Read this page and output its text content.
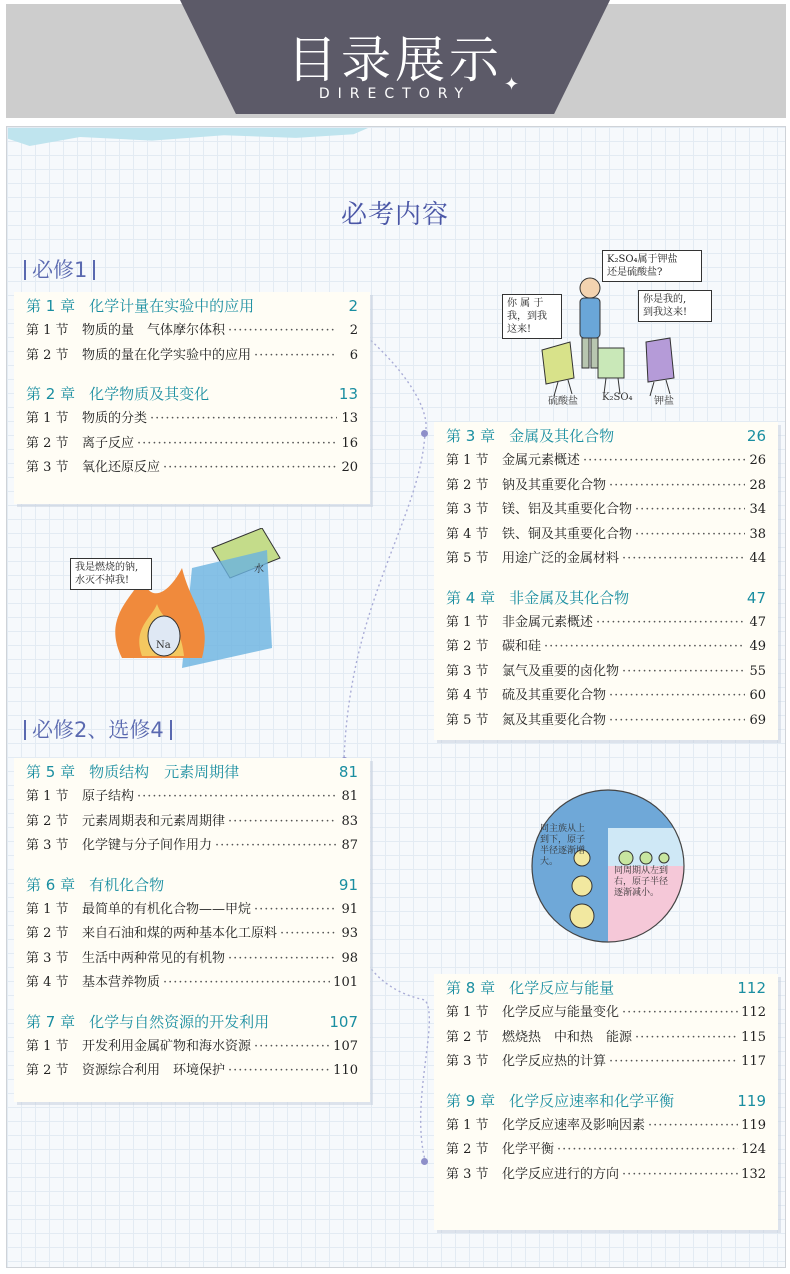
目录展示
DIRECTORY	✦
必考内容
必修1
必修2、选修4
第 1 章 化学计量在实验中的应用	2
第 1 节	物质的量　气体摩尔体积 ·····	2
第 2 节	物质的量在化学实验中的应用 ·····	6
第 2 章 化学物质及其变化	13
第 1 节	物质的分类 ·····	13
第 2 节	离子反应 ·····	16
第 3 节	氧化还原反应 ·····	20
第 3 章 金属及其化合物	26
第 1 节	金属元素概述 ·····	26
第 2 节	钠及其重要化合物 ·····	28
第 3 节	镁、铝及其重要化合物 ·····	34
第 4 节	铁、铜及其重要化合物 ·····	38
第 5 节	用途广泛的金属材料 ·····	44
第 4 章 非金属及其化合物	47
第 1 节	非金属元素概述 ·····	47
第 2 节	碳和硅 ·····	49
第 3 节	氯气及重要的卤化物 ·····	55
第 4 节	硫及其重要化合物 ·····	60
第 5 节	氮及其重要化合物 ·····	69
第 5 章 物质结构　元素周期律	81
第 1 节	原子结构 ·····	81
第 2 节	元素周期表和元素周期律 ·····	83
第 3 节	化学键与分子间作用力 ·····	87
第 6 章 有机化合物	91
第 1 节	最简单的有机化合物——甲烷 ·····	91
第 2 节	来自石油和煤的两种基本化工原料 ·····	93
第 3 节	生活中两种常见的有机物 ·····	98
第 4 节	基本营养物质 ·····	101
第 7 章 化学与自然资源的开发利用	107
第 1 节	开发利用金属矿物和海水资源 ·····	107
第 2 节	资源综合利用　环境保护 ·····	110
第 8 章 化学反应与能量	112
第 1 节	化学反应与能量变化 ·····	112
第 2 节	燃烧热　中和热　能源 ·····	115
第 3 节	化学反应热的计算 ·····	117
第 9 章 化学反应速率和化学平衡	119
第 1 节	化学反应速率及影响因素 ·····	119
第 2 节	化学平衡 ·····	124
第 3 节	化学反应进行的方向 ·····	132
K₂SO₄属于钾盐
还是硫酸盐?
你 属 于
我，到我
这来!
你是我的,
到我这来!
硫酸盐 K₂SO₄ 钾盐
我是燃烧的钠,
水灭不掉我!
水
Na
同主族从上
到下，原子
半径逐渐增
大。
同周期从左到
右，原子半径
逐渐减小。
